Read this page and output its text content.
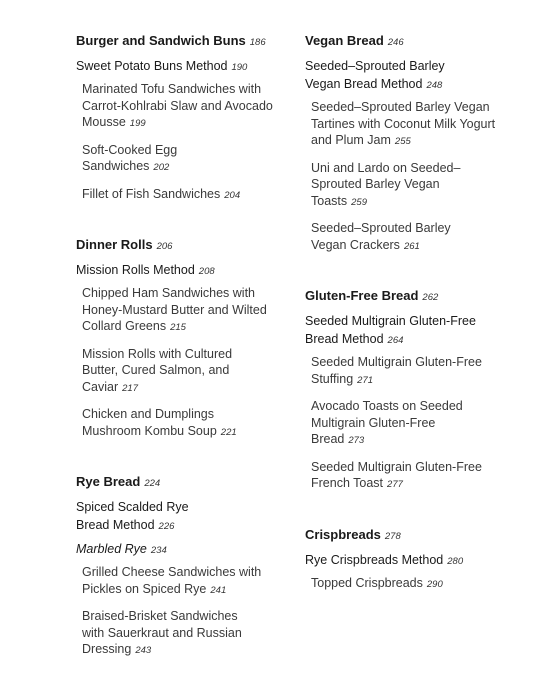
Burger and Sandwich Buns 186
Sweet Potato Buns Method 190
Marinated Tofu Sandwiches with Carrot-Kohlrabi Slaw and Avocado Mousse 199
Soft-Cooked Egg Sandwiches 202
Fillet of Fish Sandwiches 204
Dinner Rolls 206
Mission Rolls Method 208
Chipped Ham Sandwiches with Honey-Mustard Butter and Wilted Collard Greens 215
Mission Rolls with Cultured Butter, Cured Salmon, and Caviar 217
Chicken and Dumplings Mushroom Kombu Soup 221
Rye Bread 224
Spiced Scalded Rye Bread Method 226
Marbled Rye 234
Grilled Cheese Sandwiches with Pickles on Spiced Rye 241
Braised-Brisket Sandwiches with Sauerkraut and Russian Dressing 243
Vegan Bread 246
Seeded–Sprouted Barley Vegan Bread Method 248
Seeded–Sprouted Barley Vegan Tartines with Coconut Milk Yogurt and Plum Jam 255
Uni and Lardo on Seeded–Sprouted Barley Vegan Toasts 259
Seeded–Sprouted Barley Vegan Crackers 261
Gluten-Free Bread 262
Seeded Multigrain Gluten-Free Bread Method 264
Seeded Multigrain Gluten-Free Stuffing 271
Avocado Toasts on Seeded Multigrain Gluten-Free Bread 273
Seeded Multigrain Gluten-Free French Toast 277
Crispbreads 278
Rye Crispbreads Method 280
Topped Crispbreads 290
